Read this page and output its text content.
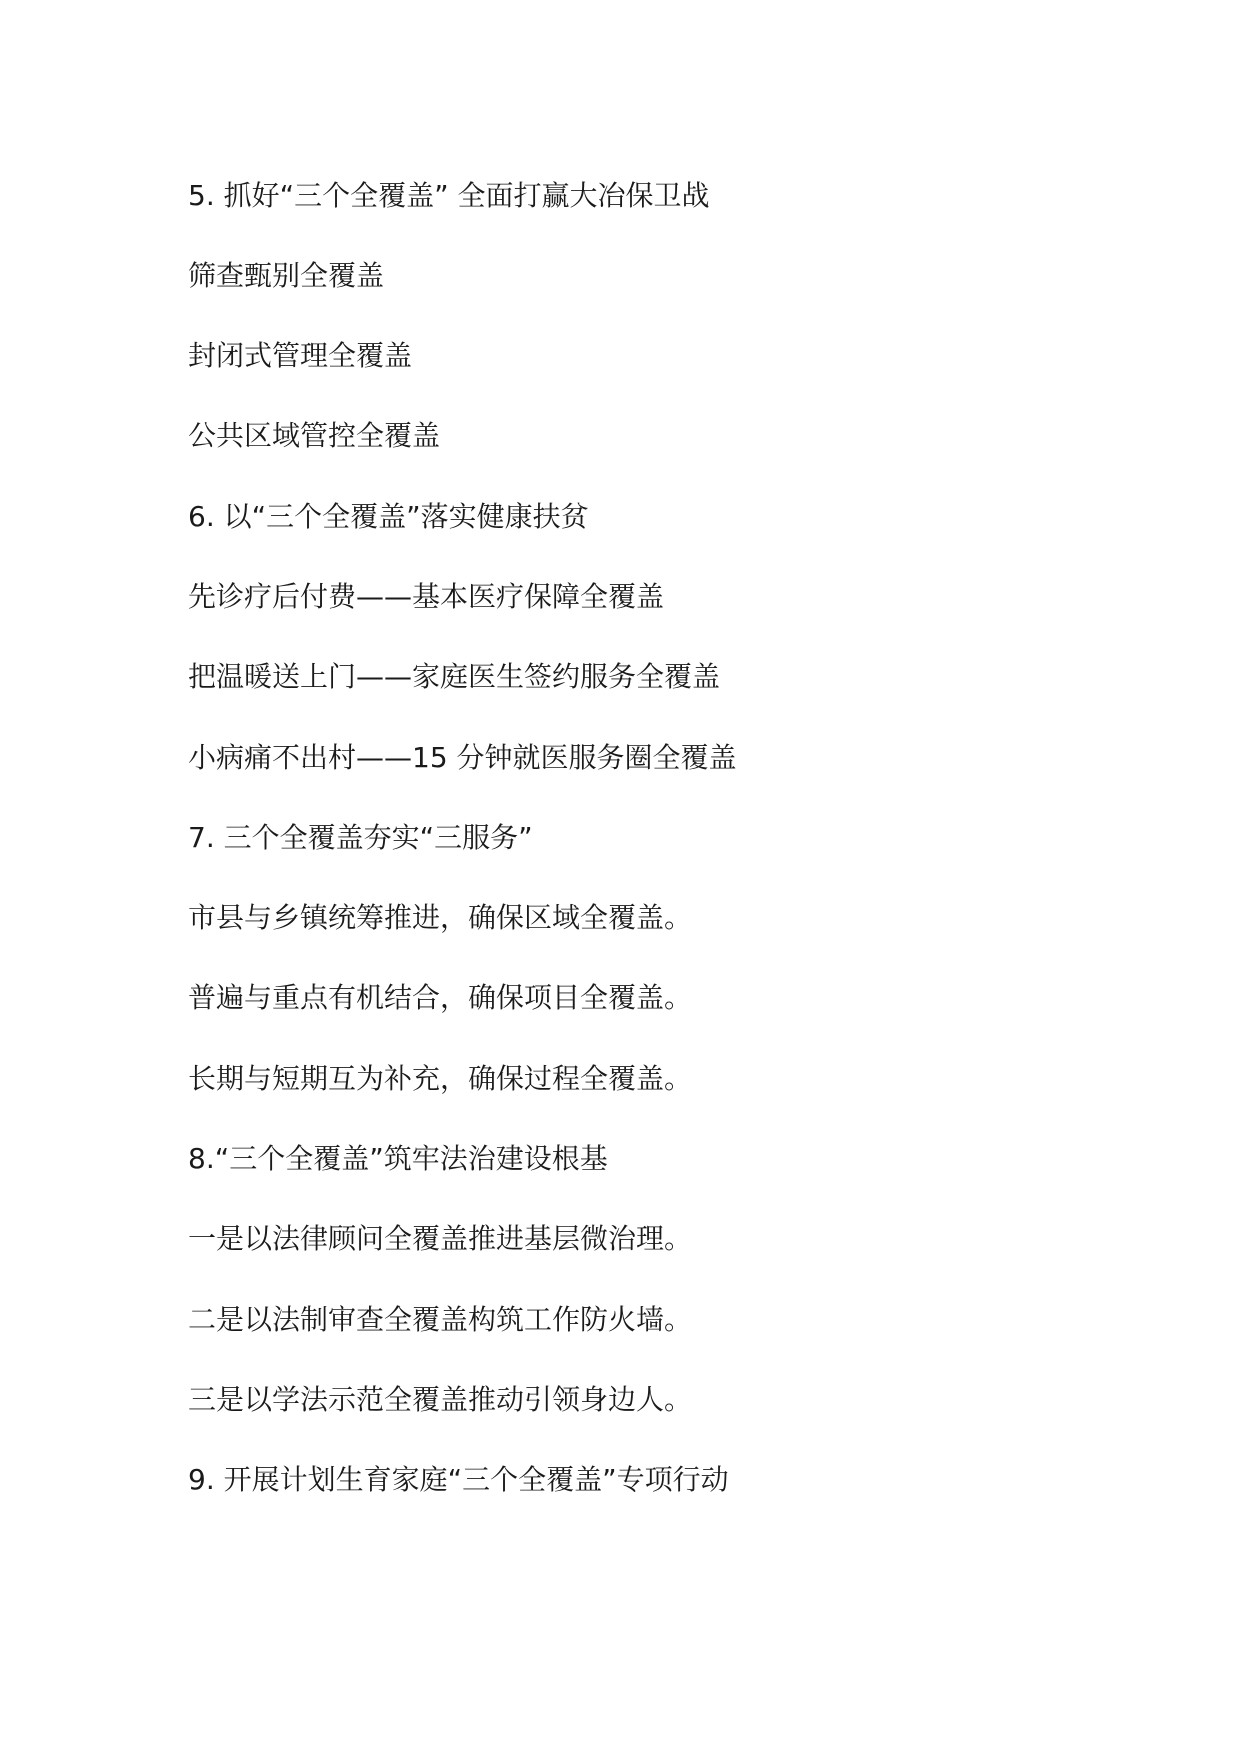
5. 抓好“三个全覆盖” 全面打赢大冶保卫战
筛查甄别全覆盖
封闭式管理全覆盖
公共区域管控全覆盖
6. 以“三个全覆盖”落实健康扶贫
先诊疗后付费——基本医疗保障全覆盖
把温暖送上门——家庭医生签约服务全覆盖
小病痛不出村——15 分钟就医服务圈全覆盖
7. 三个全覆盖夯实“三服务”
市县与乡镇统筹推进，确保区域全覆盖。
普遍与重点有机结合，确保项目全覆盖。
长期与短期互为补充，确保过程全覆盖。
8.“三个全覆盖”筑牢法治建设根基
一是以法律顾问全覆盖推进基层微治理。
二是以法制审查全覆盖构筑工作防火墙。
三是以学法示范全覆盖推动引领身边人。
9. 开展计划生育家庭“三个全覆盖”专项行动
